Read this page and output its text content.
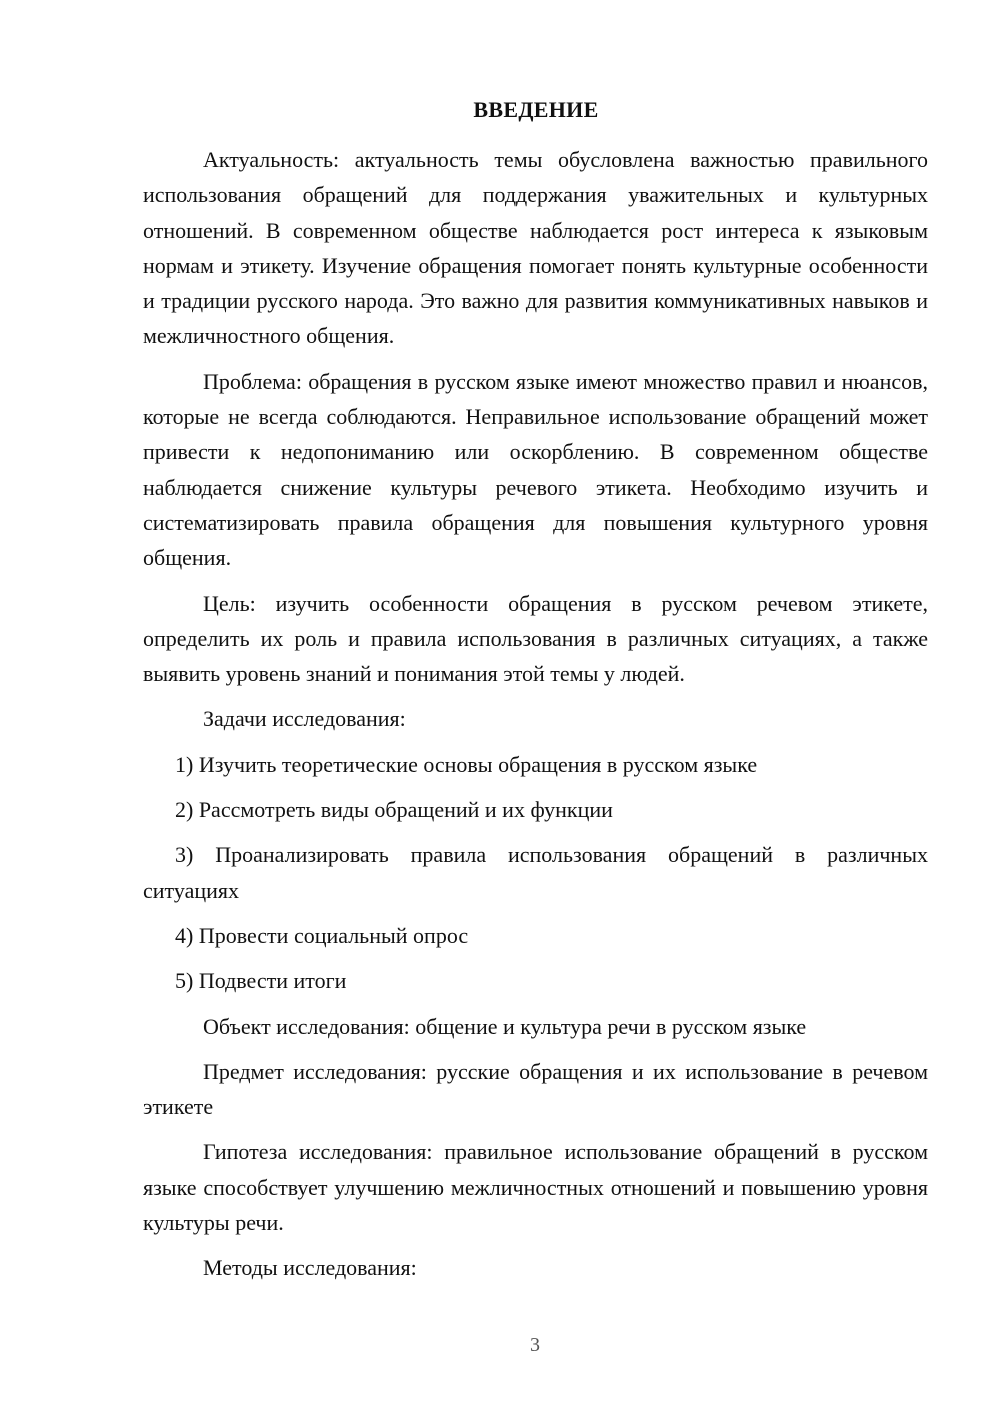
ВВЕДЕНИЕ

Актуальность: актуальность темы обусловлена важностью правильного использования обращений для поддержания уважительных и культурных отношений. В современном обществе наблюдается рост интереса к языковым нормам и этикету. Изучение обращения помогает понять культурные особенности и традиции русского народа. Это важно для развития коммуникативных навыков и межличностного общения.

Проблема: обращения в русском языке имеют множество правил и нюансов, которые не всегда соблюдаются. Неправильное использование обращений может привести к недопониманию или оскорблению. В современном обществе наблюдается снижение культуры речевого этикета. Необходимо изучить и систематизировать правила обращения для повышения культурного уровня общения.

Цель: изучить особенности обращения в русском речевом этикете, определить их роль и правила использования в различных ситуациях, а также выявить уровень знаний и понимания этой темы у людей.

Задачи исследования:

1) Изучить теоретические основы обращения в русском языке

2) Рассмотреть виды обращений и их функции

3) Проанализировать правила использования обращений в различных ситуациях

4) Провести социальный опрос

5) Подвести итоги

Объект исследования: общение и культура речи в русском языке

Предмет исследования: русские обращения и их использование в речевом этикете

Гипотеза исследования: правильное использование обращений в русском языке способствует улучшению межличностных отношений и повышению уровня культуры речи.

Методы исследования:

3
